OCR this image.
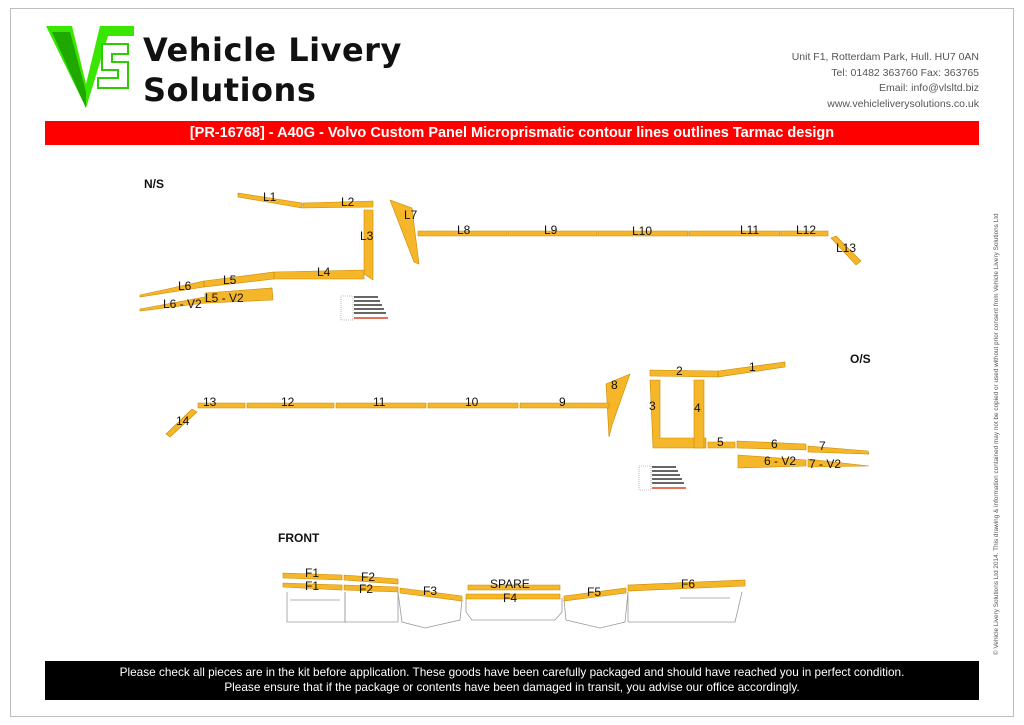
Vehicle Livery
Solutions
Unit F1, Rotterdam Park, Hull. HU7 0AN
Tel: 01482 363760 Fax: 363765
Email: info@vlsltd.biz
www.vehicleliverysolutions.co.uk
[PR-16768] - A40G - Volvo Custom Panel Microprismatic contour lines outlines Tarmac design
N/S
L1	L2
L3
L4
L5
L6
L5 - V2
L6 - V2
L7
L8	L9	L10	L11	L12
L13
O/S
1
2
3	4
5	6	7
6 - V2 7 - V2
8
9
10
11
12
13
14
FRONT
F1
F1
F2
F2	F3	SPARE
F4	F5
F6
Please check all pieces are in the kit before application. These goods have been carefully packaged and should have reached you in perfect condition.
Please ensure that if the package or contents have been damaged in transit, you advise our office accordingly.
© Vehicle Livery Solutions Ltd 2014. This drawing & information contained may not be copied or used without prior consent from Vehicle Livery Solutions Ltd
